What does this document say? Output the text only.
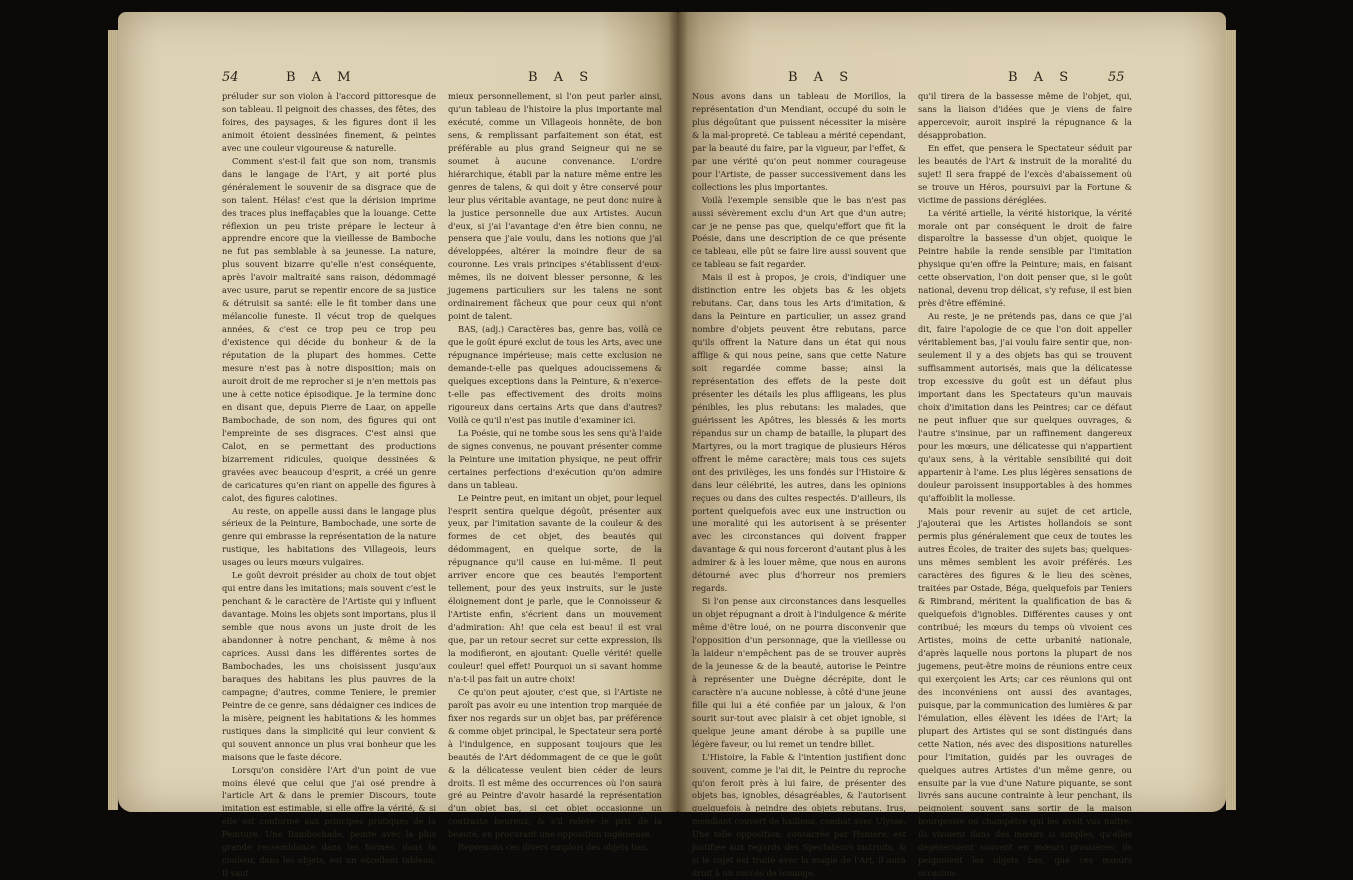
54	B A M	B A S

préluder sur son violon à l'accord pittoresque de son tableau. Il peignoit des chasses, des fêtes, des foires, des paysages, & les figures dont il les animoit étoient dessinées finement, & peintes avec une couleur vigoureuse & naturelle.

Comment s'est-il fait que son nom, transmis dans le langage de l'Art, y ait porté plus généralement le souvenir de sa disgrace que de son talent. Hélas! c'est que la dérision imprime des traces plus ineffaçables que la louange. Cette réflexion un peu triste prépare le lecteur à apprendre encore que la vieillesse de Bamboche ne fut pas semblable à sa jeunesse. La nature, plus souvent bizarre qu'elle n'est conséquente, après l'avoir maltraité sans raison, dédommagé avec usure, parut se repentir encore de sa justice & détruisit sa santé: elle le fit tomber dans une mélancolie funeste. Il vécut trop de quelques années, & c'est ce trop peu ce trop peu d'existence qui décide du bonheur & de la réputation de la plupart des hommes. Cette mesure n'est pas à notre disposition; mais on auroit droit de me reprocher si je n'en mettois pas une à cette notice épisodique. Je la termine donc en disant que, depuis Pierre de Laar, on appelle Bambochade, de son nom, des figures qui ont l'empreinte de ses disgraces. C'est ainsi que Calot, en se permettant des productions bizarrement ridicules, quoique dessinées & gravées avec beaucoup d'esprit, a créé un genre de caricatures qu'en riant on appelle des figures à calot, des figures calotines.

Au reste, on appelle aussi dans le langage plus sérieux de la Peinture, Bambochade, une sorte de genre qui embrasse la représentation de la nature rustique, les habitations des Villageois, leurs usages ou leurs mœurs vulgaires.

Le goût devroit présider au choix de tout objet qui entre dans les imitations; mais souvent c'est le penchant & le caractère de l'Artiste qui y influent davantage. Moins les objets sont importans, plus il semble que nous avons un juste droit de les abandonner à notre penchant, & même à nos caprices. Aussi dans les différentes sortes de Bambochades, les uns choisissent jusqu'aux baraques des habitans les plus pauvres de la campagne; d'autres, comme Teniere, le premier Peintre de ce genre, sans dédaigner ces indices de la misère, peignent les habitations & les hommes rustiques dans la simplicité qui leur convient & qui souvent annonce un plus vrai bonheur que les maisons que le faste décore.

Lorsqu'on considère l'Art d'un point de vue moins élevé que celui que j'ai osé prendre à l'article Art & dans le premier Discours, toute imitation est estimable, si elle offre la vérité, & si elle est conforme aux principes pratiques de la Peinture. Une Bambochade, peinte avec la plus grande ressemblance dans les formes, dans la couleur, dans les objets, est un excellent tableau. Il vaut

mieux personnellement, si l'on peut parler ainsi, qu'un tableau de l'histoire la plus importante mal exécuté, comme un Villageois honnête, de bon sens, & remplissant parfaitement son état, est préférable au plus grand Seigneur qui ne se soumet à aucune convenance. L'ordre hiérarchique, établi par la nature même entre les genres de talens, & qui doit y être conservé pour leur plus véritable avantage, ne peut donc nuire à la justice personnelle due aux Artistes. Aucun d'eux, si j'ai l'avantage d'en être bien connu, ne pensera que j'aie voulu, dans les notions que j'ai développées, altérer la moindre fleur de sa couronne. Les vrais principes s'établissent d'eux-mêmes, ils ne doivent blesser personne, & les jugemens particuliers sur les talens ne sont ordinairement fâcheux que pour ceux qui n'ont point de talent.

BAS, (adj.) Caractères bas, genre bas, voilà ce que le goût épuré exclut de tous les Arts, avec une répugnance impérieuse; mais cette exclusion ne demande-t-elle pas quelques adoucissemens & quelques exceptions dans la Peinture, & n'exerce-t-elle pas effectivement des droits moins rigoureux dans certains Arts que dans d'autres? Voilà ce qu'il n'est pas inutile d'examiner ici.

La Poésie, qui ne tombe sous les sens qu'à l'aide de signes convenus, ne pouvant présenter comme la Peinture une imitation physique, ne peut offrir certaines perfections d'exécution qu'on admire dans un tableau.

Le Peintre peut, en imitant un objet, pour lequel l'esprit sentira quelque dégoût, présenter aux yeux, par l'imitation savante de la couleur & des formes de cet objet, des beautés qui dédommagent, en quelque sorte, de la répugnance qu'il cause en lui-même. Il peut arriver encore que ces beautés l'emportent tellement, pour des yeux instruits, sur le juste éloignement dont je parle, que le Connoisseur & l'Artiste enfin, s'écrient dans un mouvement d'admiration: Ah! que cela est beau! il est vrai que, par un retour secret sur cette expression, ils la modifieront, en ajoutant: Quelle vérité! quelle couleur! quel effet! Pourquoi un si savant homme n'a-t-il pas fait un autre choix!

Ce qu'on peut ajouter, c'est que, si l'Artiste ne paroît pas avoir eu une intention trop marquée de fixer nos regards sur un objet bas, par préférence & comme objet principal, le Spectateur sera porté à l'indulgence, en supposant toujours que les beautés de l'Art dédommagent de ce que le goût & la délicatesse veulent bien céder de leurs droits. Il est même des occurrences où l'on saura gré au Peintre d'avoir hasardé la représentation d'un objet bas, si cet objet occasionne un contraste heureux, & s'il relève le prix de la beauté, en procurant une opposition ingénieuse.

Reprenons ces divers emplois des objets bas.

B A S	B A S	55

Nous avons dans un tableau de Morillos, la représentation d'un Mendiant, occupé du soin le plus dégoûtant que puissent nécessiter la misère & la mal-propreté. Ce tableau a mérité cependant, par la beauté du faire, par la vigueur, par l'effet, & par une vérité qu'on peut nommer courageuse pour l'Artiste, de passer successivement dans les collections les plus importantes.

Voilà l'exemple sensible que le bas n'est pas aussi sévèrement exclu d'un Art que d'un autre; car je ne pense pas que, quelqu'effort que fit la Poésie, dans une description de ce que présente ce tableau, elle pût se faire lire aussi souvent que ce tableau se fait regarder.

Mais il est à propos, je crois, d'indiquer une distinction entre les objets bas & les objets rebutans. Car, dans tous les Arts d'imitation, & dans la Peinture en particulier, un assez grand nombre d'objets peuvent être rebutans, parce qu'ils offrent la Nature dans un état qui nous afflige & qui nous peine, sans que cette Nature soit regardée comme basse; ainsi la représentation des effets de la peste doit présenter les détails les plus affligeans, les plus pénibles, les plus rebutans: les malades, que guérissent les Apôtres, les blessés & les morts répandus sur un champ de bataille, la plupart des Martyres, ou la mort tragique de plusieurs Héros offrent le même caractère; mais tous ces sujets ont des privilèges, les uns fondés sur l'Histoire & dans leur célébrité, les autres, dans les opinions reçues ou dans des cultes respectés. D'ailleurs, ils portent quelquefois avec eux une instruction ou une moralité qui les autorisent à se présenter avec les circonstances qui doivent frapper davantage & qui nous forceront d'autant plus à les admirer & à les louer même, que nous en aurons détourné avec plus d'horreur nos premiers regards.

Si l'on pense aux circonstances dans lesquelles un objet répugnant a droit à l'indulgence & mérite même d'être loué, on ne pourra disconvenir que l'opposition d'un personnage, que la vieillesse ou la laideur n'empêchent pas de se trouver auprès de la jeunesse & de la beauté, autorise le Peintre à représenter une Duègne décrépite, dont le caractère n'a aucune noblesse, à côté d'une jeune fille qui lui a été confiée par un jaloux, & l'on sourit sur-tout avec plaisir à cet objet ignoble, si quelque jeune amant dérobe à sa pupille une légère faveur, ou lui remet un tendre billet.

L'Histoire, la Fable & l'intention justifient donc souvent, comme je l'ai dit, le Peintre du reproche qu'on feroit près à lui faire, de présenter des objets bas, ignobles, désagréables, & l'autorisent quelquefois à peindre des objets rebutans. Irus, mendiant couvert de haillons, combat avec Ulysse. Une telle opposition, consacrée par Homère, est justifiée aux regards des Spectateurs instruits, & si le sujet est traité avec la magie de l'Art, il aura droit à un succès de louange,

qu'il tirera de la bassesse même de l'objet, qui, sans la liaison d'idées que je viens de faire appercevoir, auroit inspiré la répugnance & la désapprobation.

En effet, que pensera le Spectateur séduit par les beautés de l'Art & instruit de la moralité du sujet! Il sera frappé de l'excès d'abaissement où se trouve un Héros, poursuivi par la Fortune & victime de passions déréglées.

La vérité artielle, la vérité historique, la vérité morale ont par conséquent le droit de faire disparoître la bassesse d'un objet, quoique le Peintre habile la rende sensible par l'imitation physique qu'en offre la Peinture; mais, en faisant cette observation, l'on doit penser que, si le goût national, devenu trop délicat, s'y refuse, il est bien près d'être efféminé.

Au reste, je ne prétends pas, dans ce que j'ai dit, faire l'apologie de ce que l'on doit appeller véritablement bas, j'ai voulu faire sentir que, non-seulement il y a des objets bas qui se trouvent suffisamment autorisés, mais que la délicatesse trop excessive du goût est un défaut plus important dans les Spectateurs qu'un mauvais choix d'imitation dans les Peintres; car ce défaut ne peut influer que sur quelques ouvrages, & l'autre s'insinue, par un raffinement dangereux pour les mœurs, une délicatesse qui n'appartient qu'aux sens, à la véritable sensibilité qui doit appartenir à l'ame. Les plus légères sensations de douleur paroissent insupportables à des hommes qu'affoiblit la mollesse.

Mais pour revenir au sujet de cet article, j'ajouterai que les Artistes hollandois se sont permis plus généralement que ceux de toutes les autres Écoles, de traiter des sujets bas; quelques-uns mêmes semblent les avoir préférés. Les caractères des figures & le lieu des scènes, traitées par Ostade, Béga, quelquefois par Teniers & Rimbrand, méritent la qualification de bas & quelquefois d'ignobles. Différentes causes y ont contribué; les mœurs du temps où vivoient ces Artistes, moins de cette urbanité nationale, d'après laquelle nous portons la plupart de nos jugemens, peut-être moins de réunions entre ceux qui exerçoient les Arts; car ces réunions qui ont des inconvéniens ont aussi des avantages, puisque, par la communication des lumières & par l'émulation, elles élèvent les idées de l'Art; la plupart des Artistes qui se sont distingués dans cette Nation, nés avec des dispositions naturelles pour l'imitation, guidés par les ouvrages de quelques autres Artistes d'un même genre, ou ensuite par la vue d'une Nature piquante, se sont livrés sans aucune contrainte à leur penchant, ils peignoient souvent sans sortir de la maison bourgeoise ou champêtre qui les avoit vus naître: ils vivoient dans des mœurs si simples, qu'elles dégénéroient souvent en mœurs grossières; ils peignoient les objets bas, que ces mœurs occasion-
